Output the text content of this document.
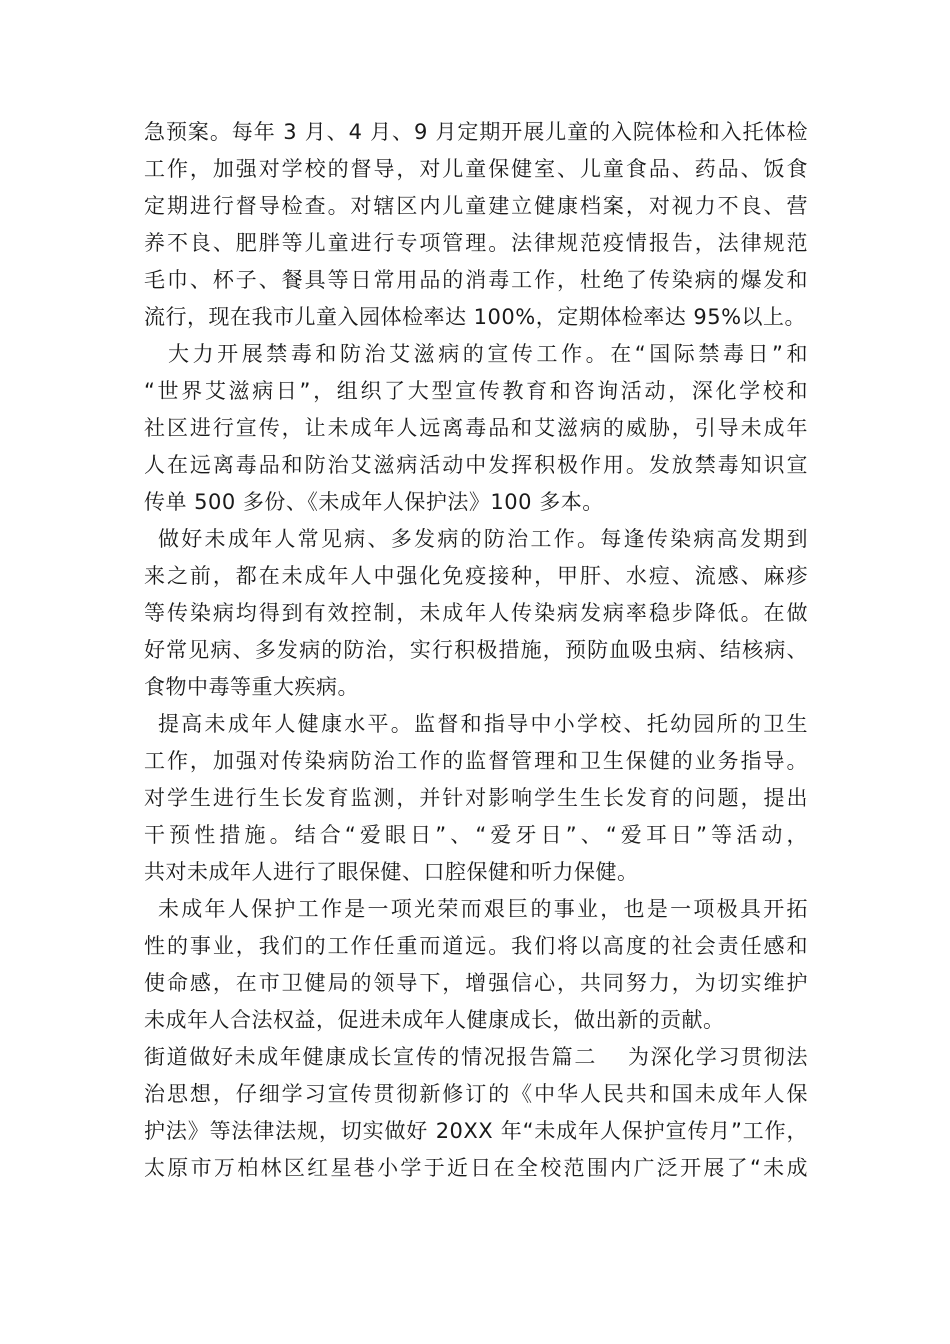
急预案。每年 3 月、4 月、9 月定期开展儿童的入院体检和入托体检
工作，加强对学校的督导，对儿童保健室、儿童食品、药品、饭食
定期进行督导检查。对辖区内儿童建立健康档案，对视力不良、营
养不良、肥胖等儿童进行专项管理。法律规范疫情报告，法律规范
毛巾、杯子、餐具等日常用品的消毒工作，杜绝了传染病的爆发和
流行，现在我市儿童入园体检率达 100%，定期体检率达 95%以上。
大力开展禁毒和防治艾滋病的宣传工作。在“国际禁毒日”和
“世界艾滋病日”，组织了大型宣传教育和咨询活动，深化学校和
社区进行宣传，让未成年人远离毒品和艾滋病的威胁，引导未成年
人在远离毒品和防治艾滋病活动中发挥积极作用。发放禁毒知识宣
传单 500 多份、《未成年人保护法》100 多本。
做好未成年人常见病、多发病的防治工作。每逢传染病高发期到
来之前，都在未成年人中强化免疫接种，甲肝、水痘、流感、麻疹
等传染病均得到有效控制，未成年人传染病发病率稳步降低。在做
好常见病、多发病的防治，实行积极措施，预防血吸虫病、结核病、
食物中毒等重大疾病。
提高未成年人健康水平。监督和指导中小学校、托幼园所的卫生
工作，加强对传染病防治工作的监督管理和卫生保健的业务指导。
对学生进行生长发育监测，并针对影响学生生长发育的问题，提出
干预性措施。结合“爱眼日”、“爱牙日”、“爱耳日”等活动，
共对未成年人进行了眼保健、口腔保健和听力保健。
未成年人保护工作是一项光荣而艰巨的事业，也是一项极具开拓
性的事业，我们的工作任重而道远。我们将以高度的社会责任感和
使命感，在市卫健局的领导下，增强信心，共同努力，为切实维护
未成年人合法权益，促进未成年人健康成长，做出新的贡献。
街道做好未成年健康成长宣传的情况报告篇二　 为深化学习贯彻法
治思想，仔细学习宣传贯彻新修订的《中华人民共和国未成年人保
护法》等法律法规，切实做好 20XX 年“未成年人保护宣传月”工作，
太原市万柏林区红星巷小学于近日在全校范围内广泛开展了“未成
